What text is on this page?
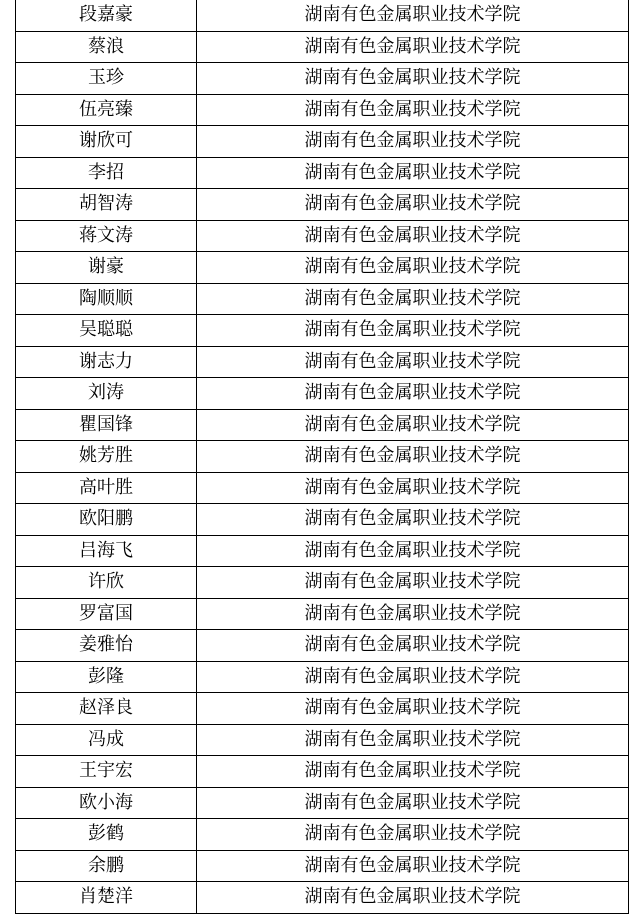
段嘉豪	湖南有色金属职业技术学院
蔡浪	湖南有色金属职业技术学院
玉珍	湖南有色金属职业技术学院
伍亮臻	湖南有色金属职业技术学院
谢欣可	湖南有色金属职业技术学院
李招	湖南有色金属职业技术学院
胡智涛	湖南有色金属职业技术学院
蒋文涛	湖南有色金属职业技术学院
谢豪	湖南有色金属职业技术学院
陶顺顺	湖南有色金属职业技术学院
吴聪聪	湖南有色金属职业技术学院
谢志力	湖南有色金属职业技术学院
刘涛	湖南有色金属职业技术学院
瞿国锋	湖南有色金属职业技术学院
姚芳胜	湖南有色金属职业技术学院
高叶胜	湖南有色金属职业技术学院
欧阳鹏	湖南有色金属职业技术学院
吕海飞	湖南有色金属职业技术学院
许欣	湖南有色金属职业技术学院
罗富国	湖南有色金属职业技术学院
姜雅怡	湖南有色金属职业技术学院
彭隆	湖南有色金属职业技术学院
赵泽良	湖南有色金属职业技术学院
冯成	湖南有色金属职业技术学院
王宇宏	湖南有色金属职业技术学院
欧小海	湖南有色金属职业技术学院
彭鹤	湖南有色金属职业技术学院
余鹏	湖南有色金属职业技术学院
肖楚洋	湖南有色金属职业技术学院
